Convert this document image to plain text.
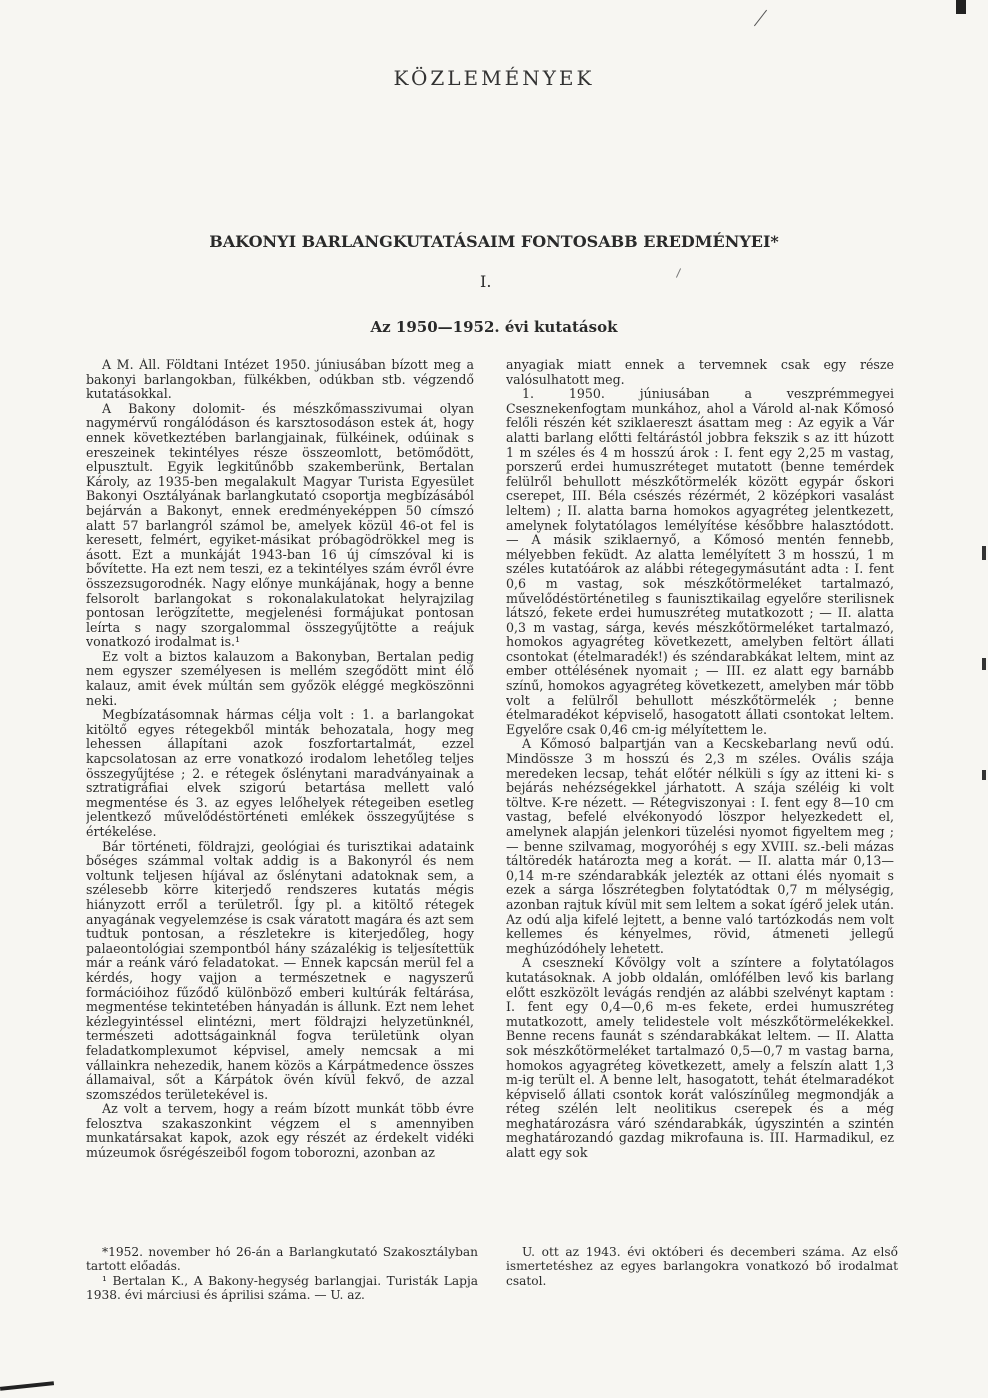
KÖZLEMÉNYEK
BAKONYI BARLANGKUTATÁSAIM FONTOSABB EREDMÉNYEI*

I.

Az 1950—1952. évi kutatások

A M. Áll. Földtani Intézet 1950. júniusában bízott meg a bakonyi barlangokban, fülkékben, odúkban stb. végzendő kutatásokkal.

A Bakony dolomit- és mészkőmasszivumai olyan nagymérvű rongálódáson és karsztosodáson estek át, hogy ennek következtében barlangjainak, fülkéinek, odúinak s ereszeinek tekintélyes része összeomlott, betömődött, elpusztult. Egyik legkitűnőbb szakemberünk, Bertalan Károly, az 1935-ben megalakult Magyar Turista Egyesület Bakonyi Osztályának barlangkutató csoportja megbízásából bejárván a Bakonyt, ennek eredményeképpen 50 címszó alatt 57 barlangról számol be, amelyek közül 46-ot fel is keresett, felmért, egyiket-másikat próbagödrökkel meg is ásott. Ezt a munkáját 1943-ban 16 új címszóval ki is bővítette. Ha ezt nem teszi, ez a tekintélyes szám évről évre összezsugorodnék. Nagy előnye munkájának, hogy a benne felsorolt barlangokat s rokonalakulatokat helyrajzilag pontosan lerögzítette, megjelenési formájukat pontosan leírta s nagy szorgalommal összegyűjtötte a reájuk vonatkozó irodalmat is.¹

Ez volt a biztos kalauzom a Bakonyban, Bertalan pedig nem egyszer személyesen is mellém szegődött mint élő kalauz, amit évek múltán sem győzök eléggé megköszönni neki.

Megbízatásomnak hármas célja volt : 1. a barlangokat kitöltő egyes rétegekből minták behozatala, hogy meg lehessen állapítani azok foszfortartalmát, ezzel kapcsolatosan az erre vonatkozó irodalom lehetőleg teljes összegyűjtése ; 2. e rétegek őslénytani maradványainak a sztratigráfiai elvek szigorú betartása mellett való megmentése és 3. az egyes lelőhelyek rétegeiben esetleg jelentkező művelődéstörténeti emlékek összegyűjtése s értékelése.

Bár történeti, földrajzi, geológiai és turisztikai adataink bőséges számmal voltak addig is a Bakonyról és nem voltunk teljesen híjával az őslénytani adatoknak sem, a szélesebb körre kiterjedő rendszeres kutatás mégis hiányzott erről a területről. Így pl. a kitöltő rétegek anyagának vegyelemzése is csak váratott magára és azt sem tudtuk pontosan, a részletekre is kiterjedőleg, hogy palaeontológiai szempontból hány százalékig is teljesítettük már a reánk váró feladatokat. — Ennek kapcsán merül fel a kérdés, hogy vajjon a természetnek e nagyszerű formációihoz fűződő különböző emberi kultúrák feltárása, megmentése tekintetében hányadán is állunk. Ezt nem lehet kézlegyintéssel elintézni, mert földrajzi helyzetünknél, természeti adottságainknál fogva területünk olyan feladatkomplexumot képvisel, amely nemcsak a mi vállainkra nehezedik, hanem közös a Kárpátmedence összes államaival, sőt a Kárpátok övén kívül fekvő, de azzal szomszédos területekével is.

Az volt a tervem, hogy a reám bízott munkát több évre felosztva szakaszonkint végzem el s amennyiben munkatársakat kapok, azok egy részét az érdekelt vidéki múzeumok ősrégészeiből fogom toborozni, azonban az

anyagiak miatt ennek a tervemnek csak egy része valósulhatott meg.

1. 1950. júniusában a veszprémmegyei Csesznekenfogtam munkához, ahol a Várold al-nak Kőmosó felőli részén két sziklaereszt ásattam meg : Az egyik a Vár alatti barlang előtti feltárástól jobbra fekszik s az itt húzott 1 m széles és 4 m hosszú árok : I. fent egy 2,25 m vastag, porszerű erdei humuszréteget mutatott (benne temérdek felülről behullott mészkőtörmelék között egypár őskori cserepet, III. Béla csészés rézérmét, 2 középkori vasalást leltem) ; II. alatta barna homokos agyagréteg jelentkezett, amelynek folytatólagos lemélyítése későbbre halasztódott. — A másik sziklaernyő, a Kőmosó mentén fennebb, mélyebben feküdt. Az alatta lemélyített 3 m hosszú, 1 m széles kutatóárok az alábbi rétegegymásutánt adta : I. fent 0,6 m vastag, sok mészkőtörmeléket tartalmazó, művelődéstörténetileg s faunisztikailag egyelőre sterilisnek látszó, fekete erdei humuszréteg mutatkozott ; — II. alatta 0,3 m vastag, sárga, kevés mészkőtörmeléket tartalmazó, homokos agyagréteg következett, amelyben feltört állati csontokat (ételmaradék!) és széndarabkákat leltem, mint az ember ottélésének nyomait ; — III. ez alatt egy barnább színű, homokos agyagréteg következett, amelyben már több volt a felülről behullott mészkőtörmelék ; benne ételmaradékot képviselő, hasogatott állati csontokat leltem. Egyelőre csak 0,46 cm-ig mélyítettem le.

A Kőmosó balpartján van a Kecskebarlang nevű odú. Mindössze 3 m hosszú és 2,3 m széles. Ovális szája meredeken lecsap, tehát előtér nélküli s így az itteni ki- s bejárás nehézségekkel járhatott. A szája széléig ki volt töltve. K-re nézett. — Rétegviszonyai : I. fent egy 8—10 cm vastag, befelé elvékonyodó löszpor helyezkedett el, amelynek alapján jelenkori tüzelési nyomot figyeltem meg ; — benne szilvamag, mogyoróhéj s egy XVIII. sz.-beli mázas táltöredék határozta meg a korát. — II. alatta már 0,13—0,14 m-re széndarabkák jelezték az ottani élés nyomait s ezek a sárga lőszrétegben folytatódtak 0,7 m mélységig, azonban rajtuk kívül mit sem leltem a sokat ígérő jelek után. Az odú alja kifelé lejtett, a benne való tartózkodás nem volt kellemes és kényelmes, rövid, átmeneti jellegű meghúzódóhely lehetett.

A csesznekí Kővölgy volt a színtere a folytatólagos kutatásoknak. A jobb oldalán, omlófélben levő kis barlang előtt eszközölt levágás rendjén az alábbi szelvényt kaptam : I. fent egy 0,4—0,6 m-es fekete, erdei humuszréteg mutatkozott, amely telidestele volt mészkőtörmelékekkel. Benne recens faunát s széndarabkákat leltem. — II. Alatta sok mészkőtörmeléket tartalmazó 0,5—0,7 m vastag barna, homokos agyagréteg következett, amely a felszín alatt 1,3 m-ig terült el. A benne lelt, hasogatott, tehát ételmaradékot képviselő állati csontok korát valószínűleg megmondják a réteg szélén lelt neolitikus cserepek és a még meghatározásra váró széndarabkák, úgyszintén a szintén meghatározandó gazdag mikrofauna is. III. Harmadikul, ez alatt egy sok

*1952. november hó 26-án a Barlangkutató Szakosztályban tartott előadás.

¹ Bertalan K., A Bakony-hegység barlangjai. Turisták Lapja 1938. évi márciusi és áprilisi száma. — U. az.

U. ott az 1943. évi októberi és decemberi száma. Az első ismertetéshez az egyes barlangokra vonatkozó bő irodalmat csatol.
